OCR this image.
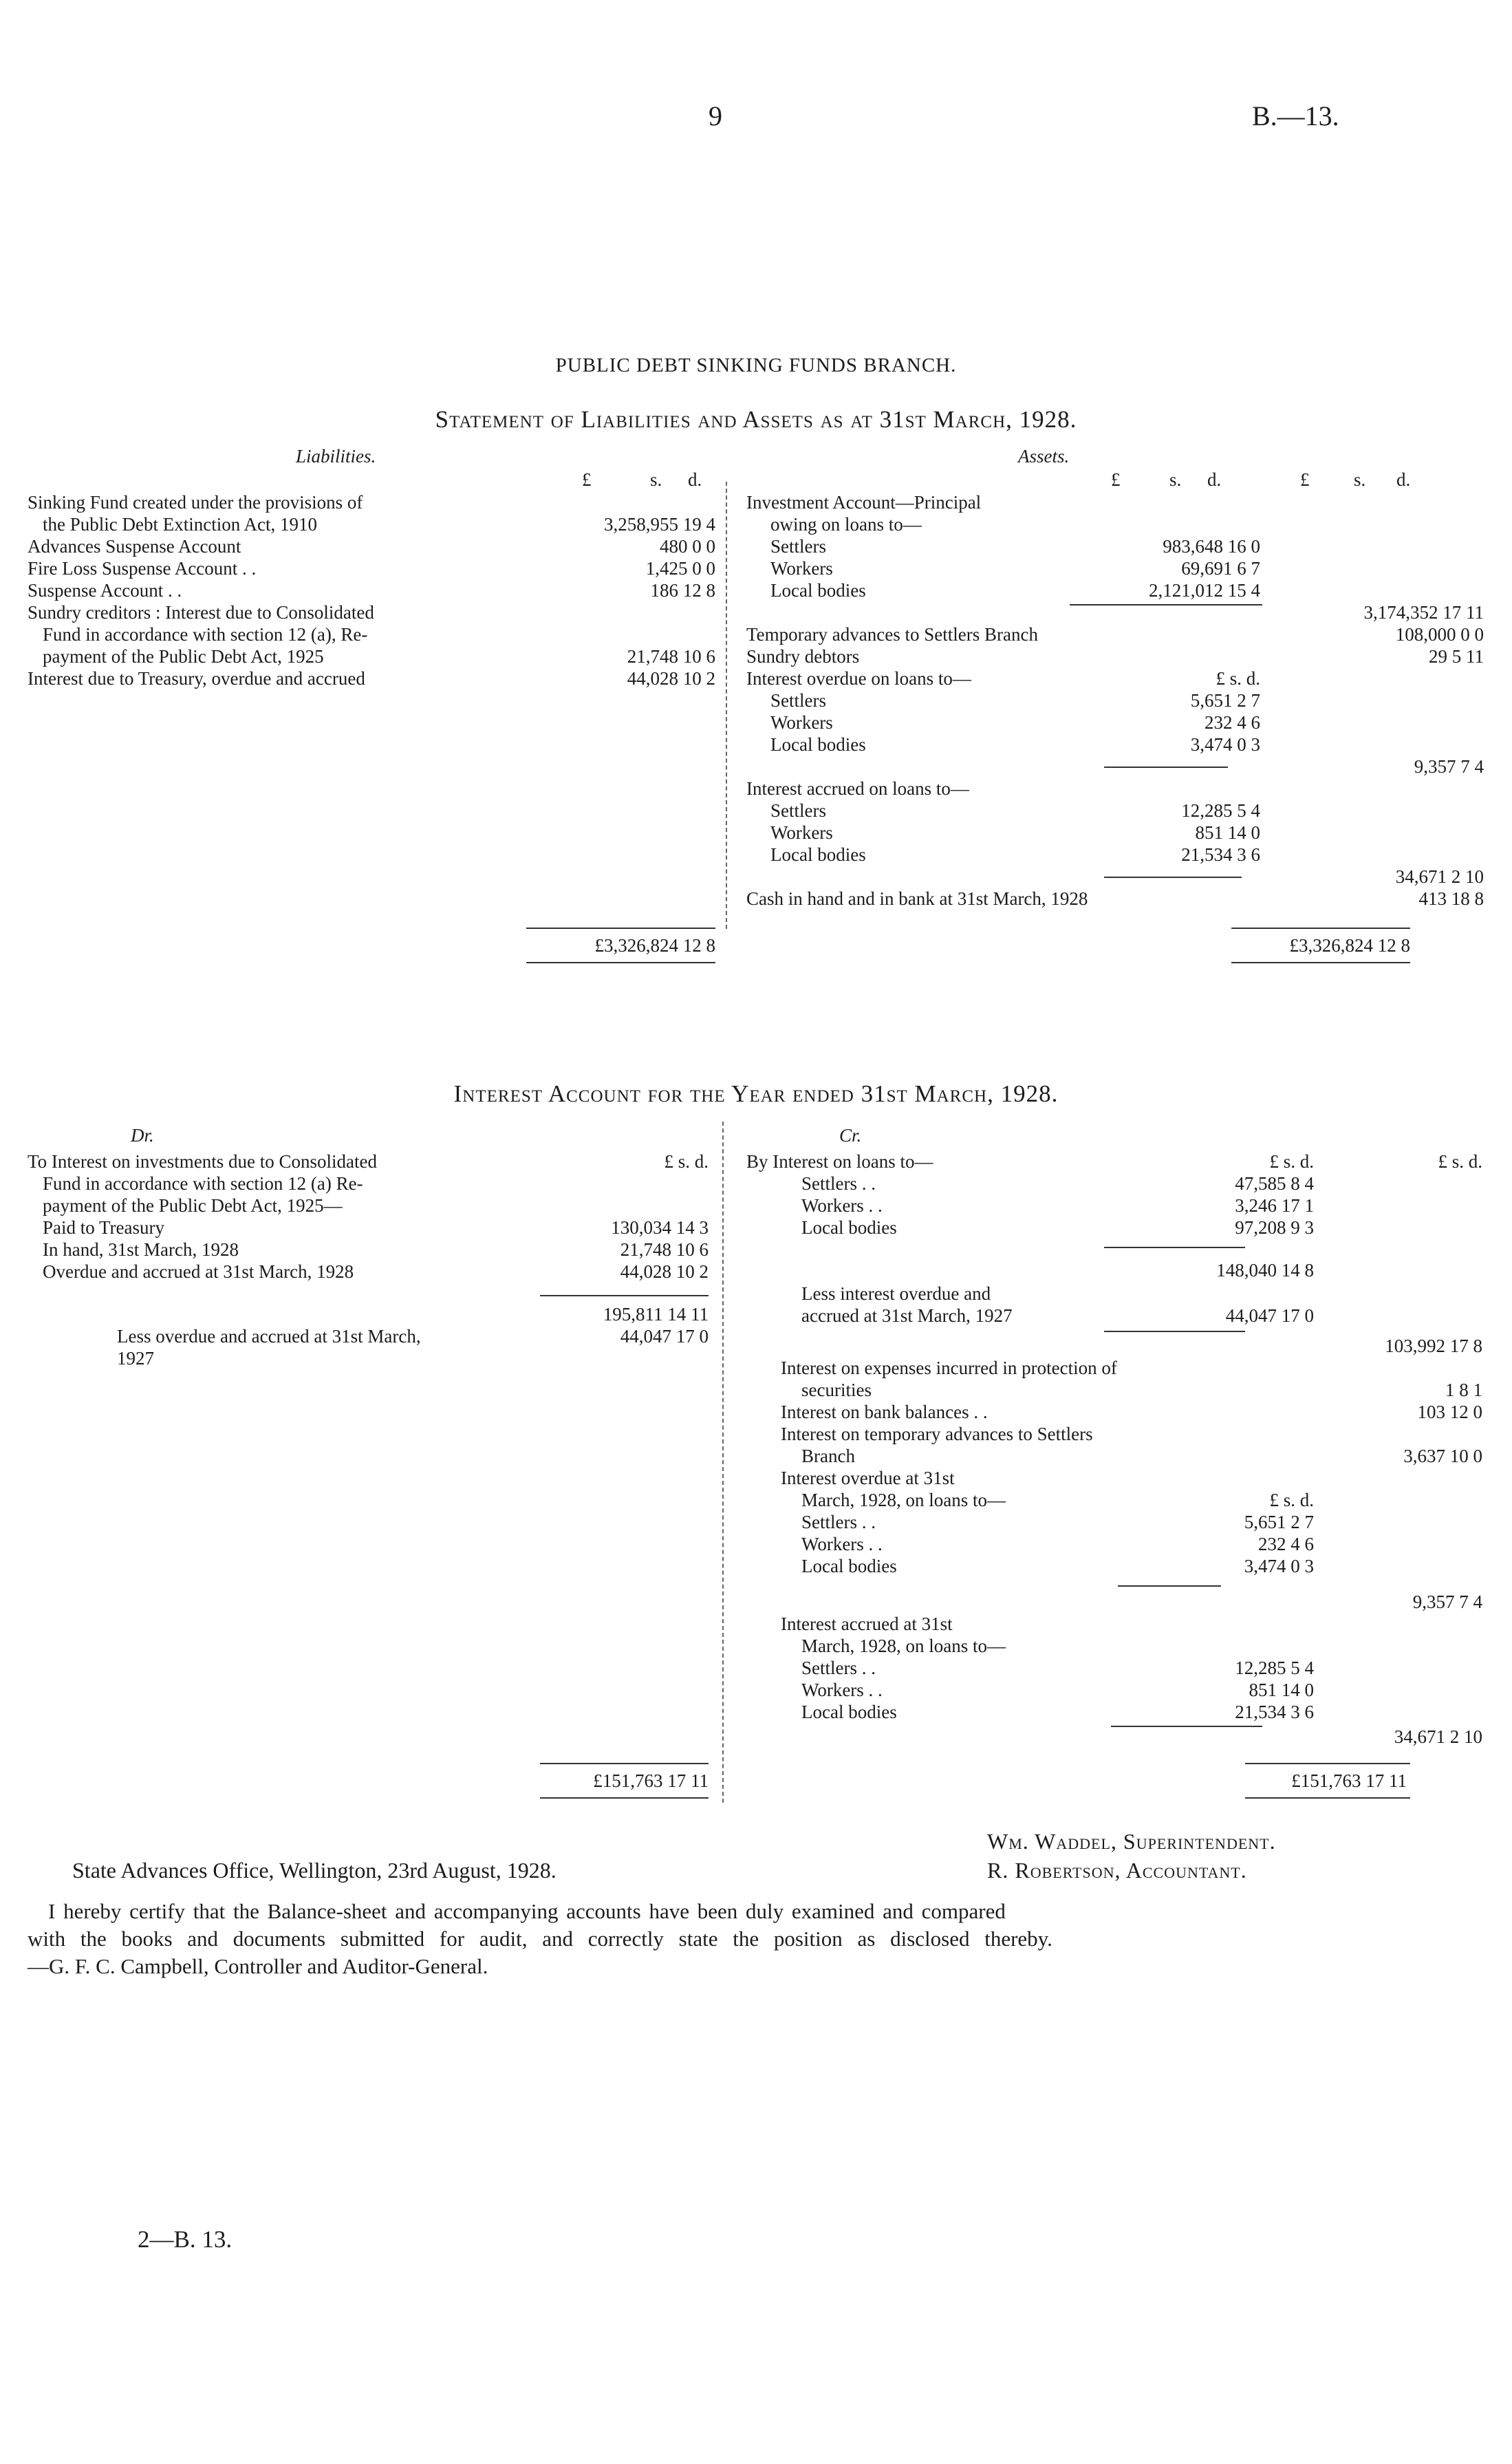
9	B.—13.
PUBLIC DEBT SINKING FUNDS BRANCH.
Statement of Liabilities and Assets as at 31st March, 1928.
Liabilities.	Assets.
£	s. d.	£	s. d.	£ s. d.
Sinking Fund created under the provisions of
the Public Debt Extinction Act, 1910	3,258,955 19 4
Advances Suspense Account	480 0 0
Fire Loss Suspense Account . .	1,425 0 0
Suspense Account . .	186 12 8
Sundry creditors : Interest due to Consolidated
Fund in accordance with section 12 (a), Re-
payment of the Public Debt Act, 1925	21,748 10 6
Interest due to Treasury, overdue and accrued	44,028 10 2
£3,326,824 12 8
Investment Account—Principal
owing on loans to—
Settlers	983,648 16 0
Workers	69,691 6 7
Local bodies	2,121,012 15 4
3,174,352 17 11
Temporary advances to Settlers Branch	108,000 0 0
Sundry debtors	29 5 11
Interest overdue on loans to—	£ s. d.
Settlers	5,651 2 7
Workers	232 4 6
Local bodies	3,474 0 3
9,357 7 4
Interest accrued on loans to—
Settlers	12,285 5 4
Workers	851 14 0
Local bodies	21,534 3 6
34,671 2 10
Cash in hand and in bank at 31st March, 1928	413 18 8
£3,326,824 12 8
Interest Account for the Year ended 31st March, 1928.
Dr.	Cr.
To Interest on investments due to Consolidated	£ s. d.
Fund in accordance with section 12 (a) Re-
payment of the Public Debt Act, 1925—
Paid to Treasury	130,034 14 3
In hand, 31st March, 1928	21,748 10 6
Overdue and accrued at 31st March, 1928	44,028 10 2
195,811 14 11
Less overdue and accrued at 31st March,	44,047 17 0
1927
£151,763 17 11
By Interest on loans to—	£ s. d.	£ s. d.
Settlers . .	47,585 8 4
Workers . .	3,246 17 1
Local bodies	97,208 9 3
148,040 14 8
Less interest overdue and
accrued at 31st March, 1927	44,047 17 0
103,992 17 8
Interest on expenses incurred in protection of
securities	1 8 1
Interest on bank balances . .	103 12 0
Interest on temporary advances to Settlers
Branch	3,637 10 0
Interest overdue at 31st
March, 1928, on loans to—	£ s. d.
Settlers . .	5,651 2 7
Workers . .	232 4 6
Local bodies	3,474 0 3
9,357 7 4
Interest accrued at 31st
March, 1928, on loans to—
Settlers . .	12,285 5 4
Workers . .	851 14 0
Local bodies	21,534 3 6
34,671 2 10
£151,763 17 11
Wm. Waddel, Superintendent.
R. Robertson, Accountant.
State Advances Office, Wellington, 23rd August, 1928.
I hereby certify that the Balance-sheet and accompanying accounts have been duly examined and compared
with the books and documents submitted for audit, and correctly state the position as disclosed thereby.
—G. F. C. Campbell, Controller and Auditor-General.
2—B. 13.
